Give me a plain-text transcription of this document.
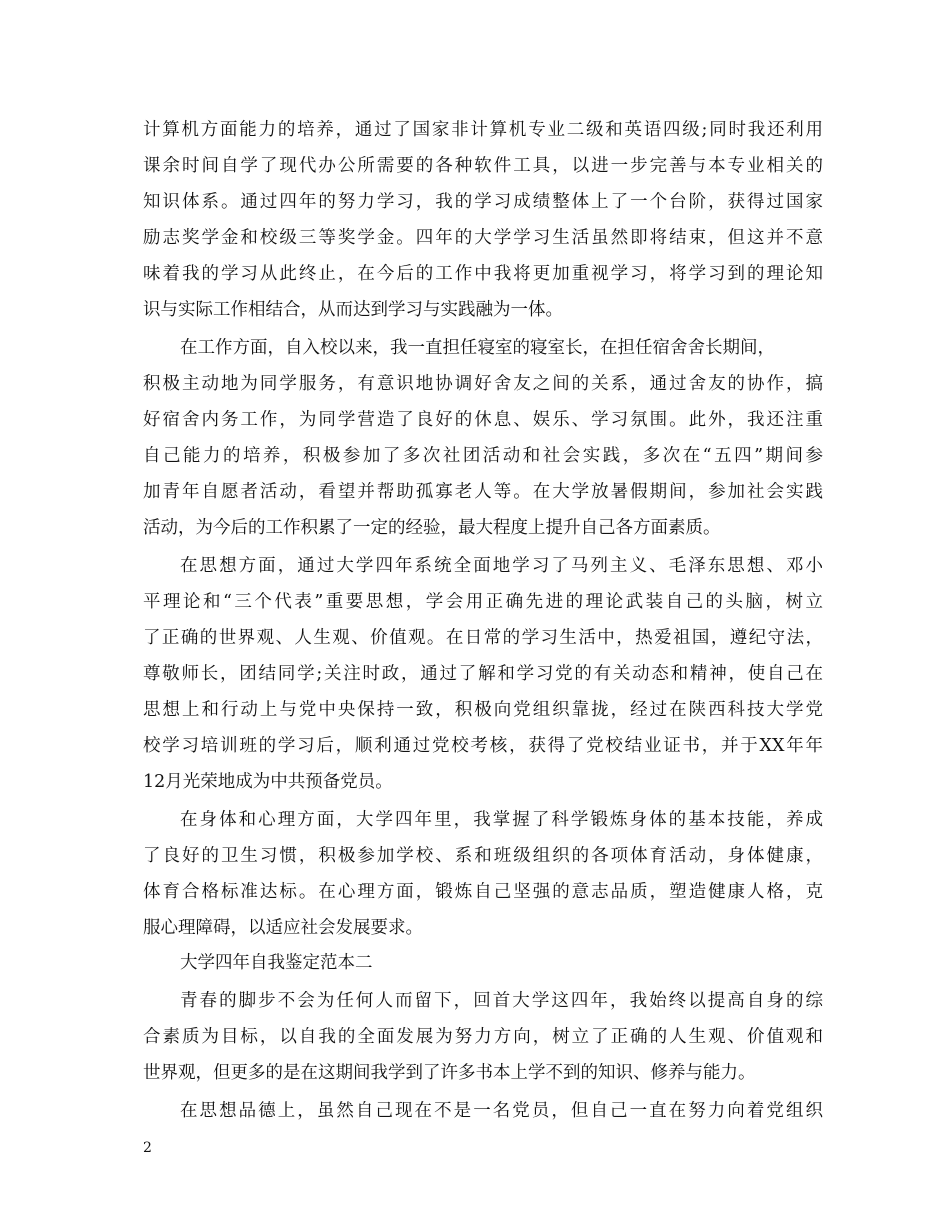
计算机方面能力的培养，通过了国家非计算机专业二级和英语四级;同时我还利用
课余时间自学了现代办公所需要的各种软件工具，以进一步完善与本专业相关的
知识体系。通过四年的努力学习，我的学习成绩整体上了一个台阶，获得过国家
励志奖学金和校级三等奖学金。四年的大学学习生活虽然即将结束，但这并不意
味着我的学习从此终止，在今后的工作中我将更加重视学习，将学习到的理论知
识与实际工作相结合，从而达到学习与实践融为一体。
在工作方面，自入校以来，我一直担任寝室的寝室长，在担任宿舍舍长期间，
积极主动地为同学服务，有意识地协调好舍友之间的关系，通过舍友的协作，搞
好宿舍内务工作，为同学营造了良好的休息、娱乐、学习氛围。此外，我还注重
自己能力的培养，积极参加了多次社团活动和社会实践，多次在“五四”期间参
加青年自愿者活动，看望并帮助孤寡老人等。在大学放暑假期间，参加社会实践
活动，为今后的工作积累了一定的经验，最大程度上提升自己各方面素质。
在思想方面，通过大学四年系统全面地学习了马列主义、毛泽东思想、邓小
平理论和“三个代表”重要思想，学会用正确先进的理论武装自己的头脑，树立
了正确的世界观、人生观、价值观。在日常的学习生活中，热爱祖国，遵纪守法，
尊敬师长，团结同学;关注时政，通过了解和学习党的有关动态和精神，使自己在
思想上和行动上与党中央保持一致，积极向党组织靠拢，经过在陕西科技大学党
校学习培训班的学习后，顺利通过党校考核，获得了党校结业证书，并于XX年年
12月光荣地成为中共预备党员。
在身体和心理方面，大学四年里，我掌握了科学锻炼身体的基本技能，养成
了良好的卫生习惯，积极参加学校、系和班级组织的各项体育活动，身体健康，
体育合格标准达标。在心理方面，锻炼自己坚强的意志品质，塑造健康人格，克
服心理障碍，以适应社会发展要求。
大学四年自我鉴定范本二
青春的脚步不会为任何人而留下，回首大学这四年，我始终以提高自身的综
合素质为目标，以自我的全面发展为努力方向，树立了正确的人生观、价值观和
世界观，但更多的是在这期间我学到了许多书本上学不到的知识、修养与能力。
在思想品德上，虽然自己现在不是一名党员，但自己一直在努力向着党组织
2
